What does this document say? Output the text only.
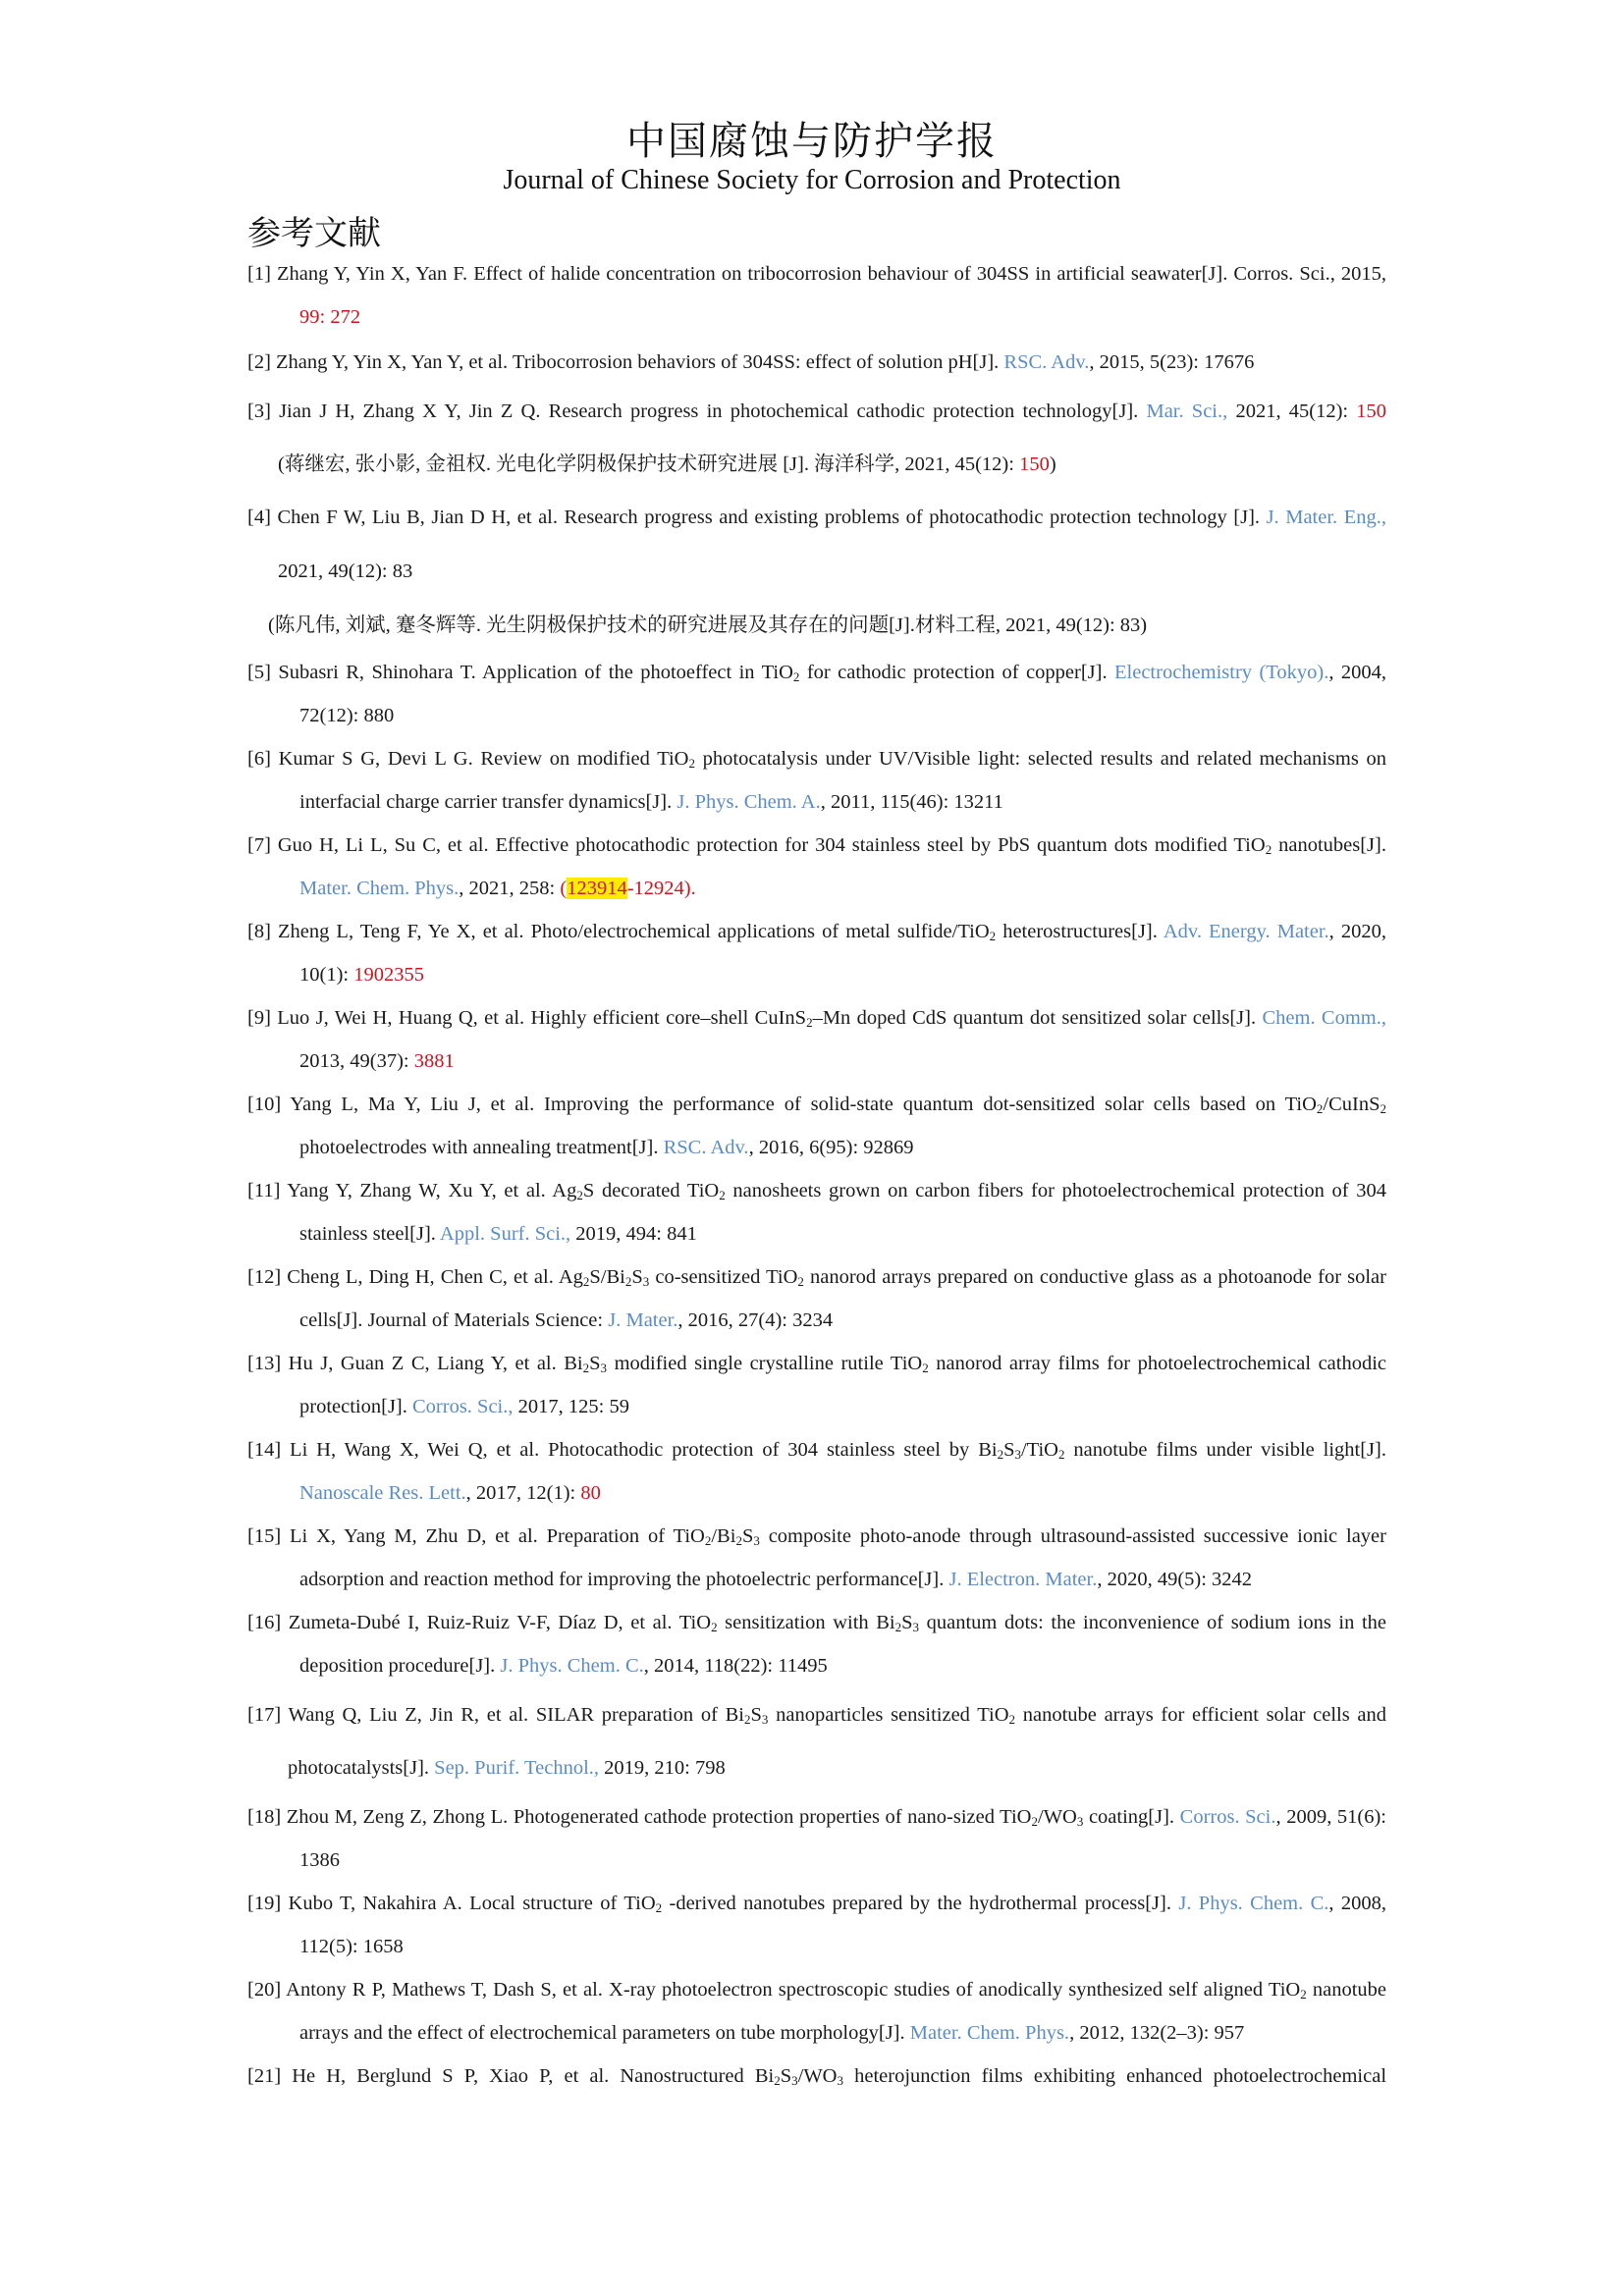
中国腐蚀与防护学报
Journal of Chinese Society for Corrosion and Protection
参考文献
[1] Zhang Y, Yin X, Yan F. Effect of halide concentration on tribocorrosion behaviour of 304SS in artificial seawater[J]. Corros. Sci., 2015,
99: 272
[2] Zhang Y, Yin X, Yan Y, et al. Tribocorrosion behaviors of 304SS: effect of solution pH[J]. RSC. Adv., 2015, 5(23): 17676
[3] Jian J H, Zhang X Y, Jin Z Q. Research progress in photochemical cathodic protection technology[J]. Mar. Sci., 2021, 45(12): 150
(蒋继宏, 张小影, 金祖权. 光电化学阴极保护技术研究进展 [J]. 海洋科学, 2021, 45(12): 150)
[4] Chen F W, Liu B, Jian D H, et al. Research progress and existing problems of photocathodic protection technology [J]. J. Mater. Eng.,
2021, 49(12): 83
(陈凡伟, 刘斌, 蹇冬辉等. 光生阴极保护技术的研究进展及其存在的问题[J].材料工程, 2021, 49(12): 83)
[5] Subasri R, Shinohara T. Application of the photoeffect in TiO$_2$ for cathodic protection of copper[J]. Electrochemistry (Tokyo)., 2004,
72(12): 880
[6] Kumar S G, Devi L G. Review on modified TiO$_2$ photocatalysis under UV/Visible light: selected results and related mechanisms on
interfacial charge carrier transfer dynamics[J]. J. Phys. Chem. A., 2011, 115(46): 13211
[7] Guo H, Li L, Su C, et al. Effective photocathodic protection for 304 stainless steel by PbS quantum dots modified TiO$_2$ nanotubes[J].
Mater. Chem. Phys., 2021, 258: (123914-12924).
[8] Zheng L, Teng F, Ye X, et al. Photo/electrochemical applications of metal sulfide/TiO$_2$ heterostructures[J]. Adv. Energy. Mater., 2020,
10(1): 1902355
[9] Luo J, Wei H, Huang Q, et al. Highly efficient core–shell CuInS$_2$–Mn doped CdS quantum dot sensitized solar cells[J]. Chem. Comm.,
2013, 49(37): 3881
[10] Yang L, Ma Y, Liu J, et al. Improving the performance of solid-state quantum dot-sensitized solar cells based on TiO$_2$/CuInS$_2$
photoelectrodes with annealing treatment[J]. RSC. Adv., 2016, 6(95): 92869
[11] Yang Y, Zhang W, Xu Y, et al. $Ag_2S$ decorated TiO$_2$ nanosheets grown on carbon fibers for photoelectrochemical protection of 304
stainless steel[J]. Appl. Surf. Sci., 2019, 494: 841
[12] Cheng L, Ding H, Chen C, et al. $Ag_2S/Bi_2S_3$ co-sensitized TiO$_2$ nanorod arrays prepared on conductive glass as a photoanode for solar
cells[J]. Journal of Materials Science: J. Mater., 2016, 27(4): 3234
[13] Hu J, Guan Z C, Liang Y, et al. $Bi_2S_3$ modified single crystalline rutile TiO$_2$ nanorod array films for photoelectrochemical cathodic
protection[J]. Corros. Sci., 2017, 125: 59
[14] Li H, Wang X, Wei Q, et al. Photocathodic protection of 304 stainless steel by $Bi_2S_3/TiO_2$ nanotube films under visible light[J].
Nanoscale Res. Lett., 2017, 12(1): 80
[15] Li X, Yang M, Zhu D, et al. Preparation of $TiO_2/Bi_2S_3$ composite photo-anode through ultrasound-assisted successive ionic layer
adsorption and reaction method for improving the photoelectric performance[J]. J. Electron. Mater., 2020, 49(5): 3242
[16] Zumeta-Dubé I, Ruiz-Ruiz V-F, Díaz D, et al. TiO$_2$ sensitization with $Bi_2S_3$ quantum dots: the inconvenience of sodium ions in the
deposition procedure[J]. J. Phys. Chem. C., 2014, 118(22): 11495
[17] Wang Q, Liu Z, Jin R, et al. SILAR preparation of $Bi_2S_3$ nanoparticles sensitized TiO$_2$ nanotube arrays for efficient solar cells and
photocatalysts[J]. Sep. Purif. Technol., 2019, 210: 798
[18] Zhou M, Zeng Z, Zhong L. Photogenerated cathode protection properties of nano-sized $TiO_2/WO_3$ coating[J]. Corros. Sci., 2009, 51(6):
1386
[19] Kubo T, Nakahira A. Local structure of TiO$_2$ -derived nanotubes prepared by the hydrothermal process[J]. J. Phys. Chem. C., 2008,
112(5): 1658
[20] Antony R P, Mathews T, Dash S, et al. X-ray photoelectron spectroscopic studies of anodically synthesized self aligned TiO$_2$ nanotube
arrays and the effect of electrochemical parameters on tube morphology[J]. Mater. Chem. Phys., 2012, 132(2–3): 957
[21] He H, Berglund S P, Xiao P, et al. Nanostructured $Bi_2S_3/WO_3$ heterojunction films exhibiting enhanced photoelectrochemical
